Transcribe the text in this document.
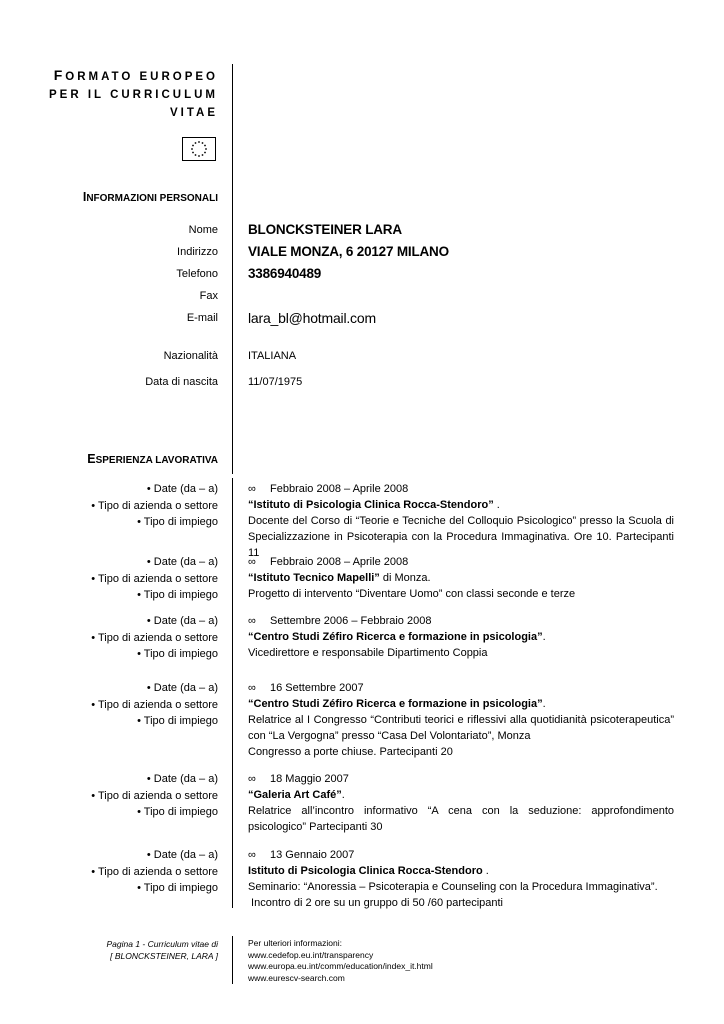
FORMATO EUROPEO
PER IL CURRICULUM
VITAE
INFORMAZIONI PERSONALI
Nome BLONCKSTEINER LARA
Indirizzo VIALE MONZA, 6 20127 MILANO
Telefono 3386940489
Fax
E-mail lara_bl@hotmail.com
Nazionalità	ITALIANA
Data di nascita	11/07/1975
ESPERIENZA LAVORATIVA
• Date (da – a)
• Tipo di azienda o settore
• Tipo di impiego
∞ Febbraio 2008 – Aprile 2008
“Istituto di Psicologia Clinica Rocca-Stendoro” .
Docente del Corso di “Teorie e Tecniche del Colloquio Psicologico” presso la Scuola di Specializzazione in Psicoterapia con la Procedura Immaginativa. Ore 10. Partecipanti 11
• Date (da – a)
• Tipo di azienda o settore
• Tipo di impiego
∞ Febbraio 2008 – Aprile 2008
“Istituto Tecnico Mapelli” di Monza.
Progetto di intervento “Diventare Uomo” con classi seconde e terze
• Date (da – a)
• Tipo di azienda o settore
• Tipo di impiego
∞ Settembre 2006 – Febbraio 2008
“Centro Studi Zéfiro Ricerca e formazione in psicologia”.
Vicedirettore e responsabile Dipartimento Coppia
• Date (da – a)
• Tipo di azienda o settore
• Tipo di impiego
∞ 16 Settembre 2007
“Centro Studi Zéfiro Ricerca e formazione in psicologia”.
Relatrice al I Congresso “Contributi teorici e riflessivi alla quotidianità psicoterapeutica” con “La Vergogna” presso “Casa Del Volontariato”, Monza
Congresso a porte chiuse. Partecipanti 20
• Date (da – a)
• Tipo di azienda o settore
• Tipo di impiego
∞ 18 Maggio 2007
“Galeria Art Café”.
Relatrice all’incontro informativo “A cena con la seduzione: approfondimento psicologico” Partecipanti 30
• Date (da – a)
• Tipo di azienda o settore
• Tipo di impiego
∞ 13 Gennaio 2007
Istituto di Psicologia Clinica Rocca-Stendoro .
Seminario: “Anoressia – Psicoterapia e Counseling con la Procedura Immaginativa”.
Incontro di 2 ore su un gruppo di 50 /60 partecipanti
Pagina 1 - Curriculum vitae di
[ BLONCKSTEINER, LARA ]
Per ulteriori informazioni:
www.cedefop.eu.int/transparency
www.europa.eu.int/comm/education/index_it.html
www.eurescv-search.com
